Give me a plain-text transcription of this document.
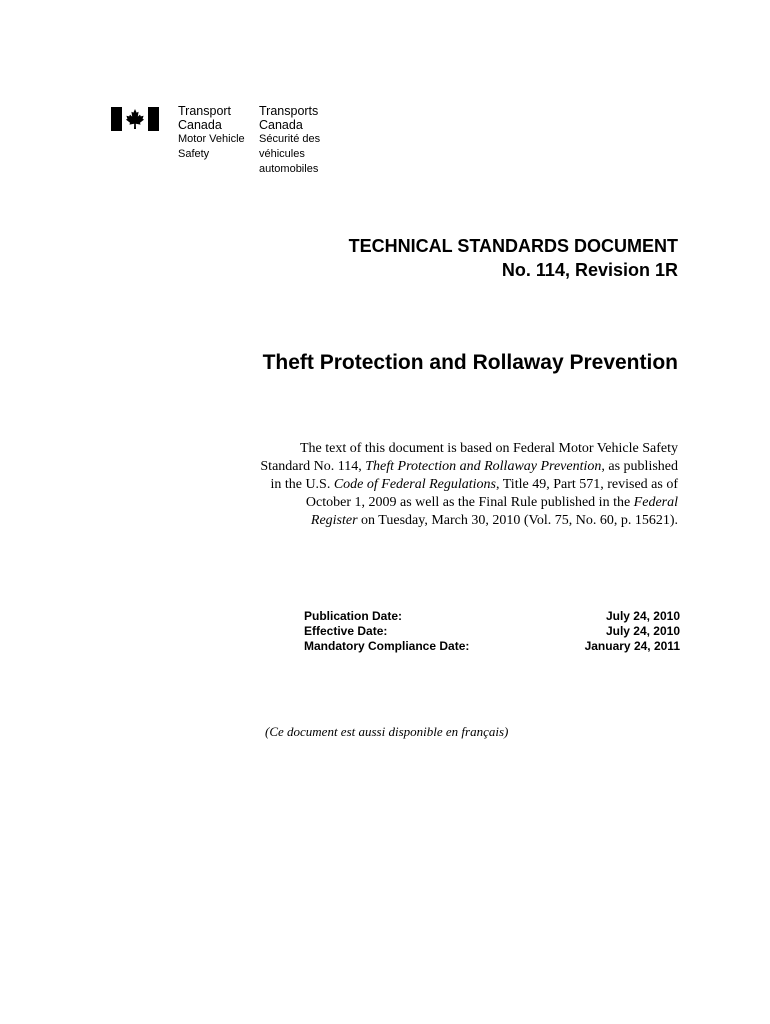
Transport
Canada
Motor Vehicle
Safety
Transports
Canada
Sécurité des
véhicules
automobiles
TECHNICAL STANDARDS DOCUMENT
No. 114, Revision 1R
Theft Protection and Rollaway Prevention
The text of this document is based on Federal Motor Vehicle Safety Standard No. 114, Theft Protection and Rollaway Prevention, as published in the U.S. Code of Federal Regulations, Title 49, Part 571, revised as of October 1, 2009 as well as the Final Rule published in the Federal Register on Tuesday, March 30, 2010 (Vol. 75, No. 60, p. 15621).
Publication Date:	July 24, 2010
Effective Date:	July 24, 2010
Mandatory Compliance Date:	January 24, 2011
(Ce document est aussi disponible en français)
